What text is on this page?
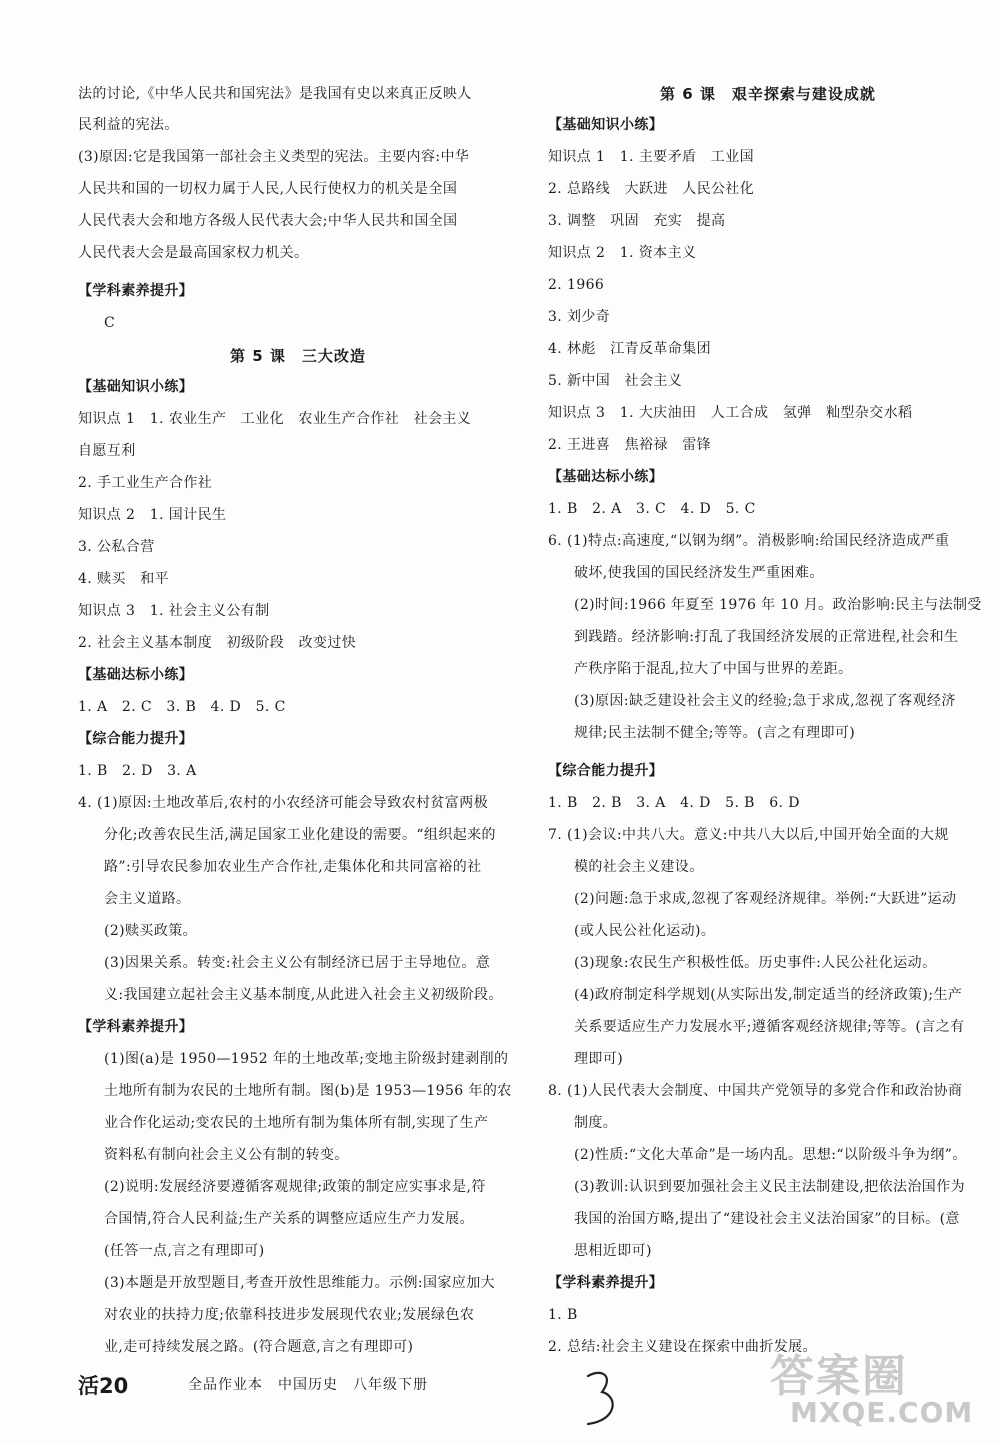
法的讨论,《中华人民共和国宪法》是我国有史以来真正反映人
民利益的宪法。
(3)原因:它是我国第一部社会主义类型的宪法。主要内容:中华
人民共和国的一切权力属于人民,人民行使权力的机关是全国
人民代表大会和地方各级人民代表大会;中华人民共和国全国
人民代表大会是最高国家权力机关。
【学科素养提升】
C
第 5 课　三大改造
【基础知识小练】
知识点 1　1. 农业生产　工业化　农业生产合作社　社会主义
自愿互利
2. 手工业生产合作社
知识点 2　1. 国计民生
3. 公私合营
4. 赎买　和平
知识点 3　1. 社会主义公有制
2. 社会主义基本制度　初级阶段　改变过快
【基础达标小练】
1. A　2. C　3. B　4. D　5. C
【综合能力提升】
1. B　2. D　3. A
4. (1)原因:土地改革后,农村的小农经济可能会导致农村贫富两极
分化;改善农民生活,满足国家工业化建设的需要。“组织起来的
路”:引导农民参加农业生产合作社,走集体化和共同富裕的社
会主义道路。
(2)赎买政策。
(3)因果关系。转变:社会主义公有制经济已居于主导地位。意
义:我国建立起社会主义基本制度,从此进入社会主义初级阶段。
【学科素养提升】
(1)图(a)是 1950—1952 年的土地改革;变地主阶级封建剥削的
土地所有制为农民的土地所有制。图(b)是 1953—1956 年的农
业合作化运动;变农民的土地所有制为集体所有制,实现了生产
资料私有制向社会主义公有制的转变。
(2)说明:发展经济要遵循客观规律;政策的制定应实事求是,符
合国情,符合人民利益;生产关系的调整应适应生产力发展。
(任答一点,言之有理即可)
(3)本题是开放型题目,考查开放性思维能力。示例:国家应加大
对农业的扶持力度;依靠科技进步发展现代农业;发展绿色农
业,走可持续发展之路。(符合题意,言之有理即可)
第 6 课　艰辛探索与建设成就
【基础知识小练】
知识点 1　1. 主要矛盾　工业国
2. 总路线　大跃进　人民公社化
3. 调整　巩固　充实　提高
知识点 2　1. 资本主义
2. 1966
3. 刘少奇
4. 林彪　江青反革命集团
5. 新中国　社会主义
知识点 3　1. 大庆油田　人工合成　氢弹　籼型杂交水稻
2. 王进喜　焦裕禄　雷锋
【基础达标小练】
1. B　2. A　3. C　4. D　5. C
6. (1)特点:高速度,“以钢为纲”。消极影响:给国民经济造成严重
破坏,使我国的国民经济发生严重困难。
(2)时间:1966 年夏至 1976 年 10 月。政治影响:民主与法制受
到践踏。经济影响:打乱了我国经济发展的正常进程,社会和生
产秩序陷于混乱,拉大了中国与世界的差距。
(3)原因:缺乏建设社会主义的经验;急于求成,忽视了客观经济
规律;民主法制不健全;等等。(言之有理即可)
【综合能力提升】
1. B　2. B　3. A　4. D　5. B　6. D
7. (1)会议:中共八大。意义:中共八大以后,中国开始全面的大规
模的社会主义建设。
(2)问题:急于求成,忽视了客观经济规律。举例:“大跃进”运动
(或人民公社化运动)。
(3)现象:农民生产积极性低。历史事件:人民公社化运动。
(4)政府制定科学规划(从实际出发,制定适当的经济政策);生产
关系要适应生产力发展水平;遵循客观经济规律;等等。(言之有
理即可)
8. (1)人民代表大会制度、中国共产党领导的多党合作和政治协商
制度。
(2)性质:“文化大革命”是一场内乱。思想:“以阶级斗争为纲”。
(3)教训:认识到要加强社会主义民主法制建设,把依法治国作为
我国的治国方略,提出了“建设社会主义法治国家”的目标。(意
思相近即可)
【学科素养提升】
1. B
2. 总结:社会主义建设在探索中曲折发展。
活20	全品作业本　中国历史　八年级下册	答案圈
MXQE.COM
